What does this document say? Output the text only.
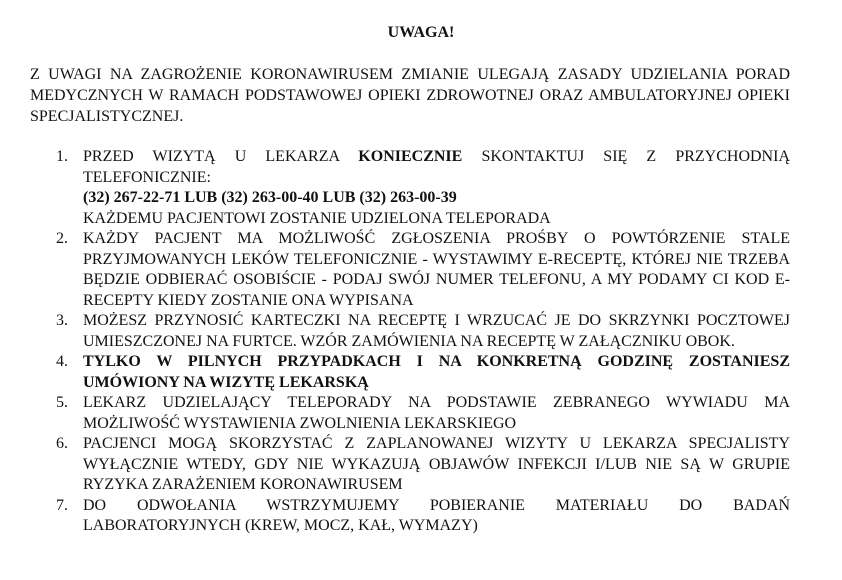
UWAGA!
Z UWAGI NA ZAGROŻENIE KORONAWIRUSEM ZMIANIE ULEGAJĄ ZASADY UDZIELANIA PORAD MEDYCZNYCH W RAMACH PODSTAWOWEJ OPIEKI ZDROWOTNEJ ORAZ AMBULATORYJNEJ OPIEKI SPECJALISTYCZNEJ.
1. PRZED WIZYTĄ U LEKARZA KONIECZNIE SKONTAKTUJ SIĘ Z PRZYCHODNIĄ TELEFONICZNIE:
(32) 267-22-71 LUB (32) 263-00-40 LUB (32) 263-00-39
KAŻDEMU PACJENTOWI ZOSTANIE UDZIELONA TELEPORADA
2. KAŻDY PACJENT MA MOŻLIWOŚĆ ZGŁOSZENIA PROŚBY O POWTÓRZENIE STALE PRZYJMOWANYCH LEKÓW TELEFONICZNIE - WYSTAWIMY E-RECEPTĘ, KTÓREJ NIE TRZEBA BĘDZIE ODBIERAĆ OSOBIŚCIE - PODAJ SWÓJ NUMER TELEFONU, A MY PODAMY CI KOD E-RECEPTY KIEDY ZOSTANIE ONA WYPISANA
3. MOŻESZ PRZYNOSIĆ KARTECZKI NA RECEPTĘ I WRZUCAĆ JE DO SKRZYNKI POCZTOWEJ UMIESZCZONEJ NA FURTCE. WZÓR ZAMÓWIENIA NA RECEPTĘ W ZAŁĄCZNIKU OBOK.
4. TYLKO W PILNYCH PRZYPADKACH I NA KONKRETNĄ GODZINĘ ZOSTANIESZ UMÓWIONY NA WIZYTĘ LEKARSKĄ
5. LEKARZ UDZIELAJĄCY TELEPORADY NA PODSTAWIE ZEBRANEGO WYWIADU MA MOŻLIWOŚĆ WYSTAWIENIA ZWOLNIENIA LEKARSKIEGO
6. PACJENCI MOGĄ SKORZYSTAĆ Z ZAPLANOWANEJ WIZYTY U LEKARZA SPECJALISTY WYŁĄCZNIE WTEDY, GDY NIE WYKAZUJĄ OBJAWÓW INFEKCJI I/LUB NIE SĄ W GRUPIE RYZYKA ZARAŻENIEM KORONAWIRUSEM
7. DO ODWOŁANIA WSTRZYMUJEMY POBIERANIE MATERIAŁU DO BADAŃ LABORATORYJNYCH (KREW, MOCZ, KAŁ, WYMAZY)
